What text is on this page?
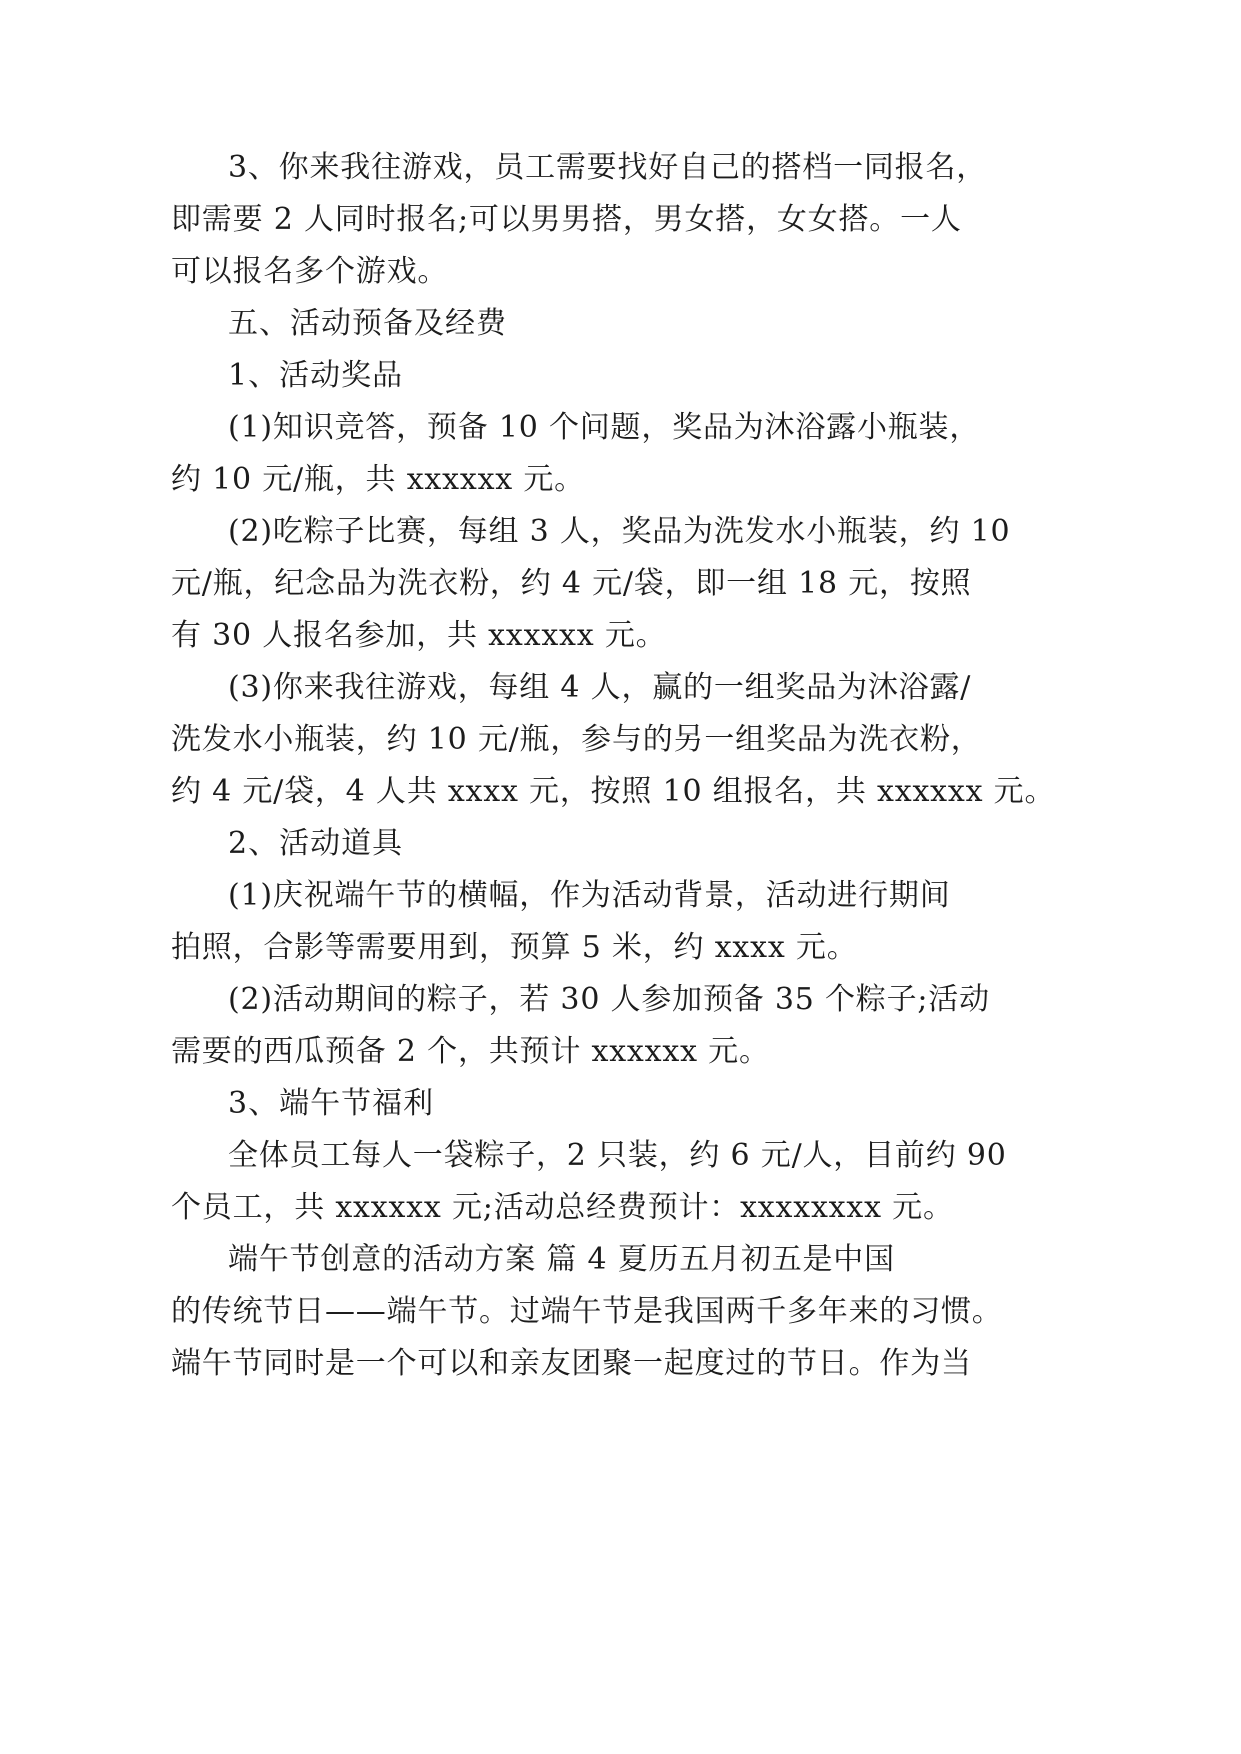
3、你来我往游戏，员工需要找好自己的搭档一同报名，

即需要 2 人同时报名;可以男男搭，男女搭，女女搭。一人

可以报名多个游戏。

五、活动预备及经费

1、活动奖品

(1)知识竞答，预备 10 个问题，奖品为沐浴露小瓶装，

约 10 元/瓶，共 xxxxxx 元。

(2)吃粽子比赛，每组 3 人，奖品为洗发水小瓶装，约 10

元/瓶，纪念品为洗衣粉，约 4 元/袋，即一组 18 元，按照

有 30 人报名参加，共 xxxxxx 元。

(3)你来我往游戏，每组 4 人，赢的一组奖品为沐浴露/

洗发水小瓶装，约 10 元/瓶，参与的另一组奖品为洗衣粉，

约 4 元/袋，4 人共 xxxx 元，按照 10 组报名，共 xxxxxx 元。

2、活动道具

(1)庆祝端午节的横幅，作为活动背景，活动进行期间

拍照，合影等需要用到，预算 5 米，约 xxxx 元。

(2)活动期间的粽子，若 30 人参加预备 35 个粽子;活动

需要的西瓜预备 2 个，共预计 xxxxxx 元。

3、端午节福利

全体员工每人一袋粽子，2 只装，约 6 元/人，目前约 90

个员工，共 xxxxxx 元;活动总经费预计：xxxxxxxx 元。

端午节创意的活动方案 篇 4 夏历五月初五是中国

的传统节日——端午节。过端午节是我国两千多年来的习惯。

端午节同时是一个可以和亲友团聚一起度过的节日。作为当
